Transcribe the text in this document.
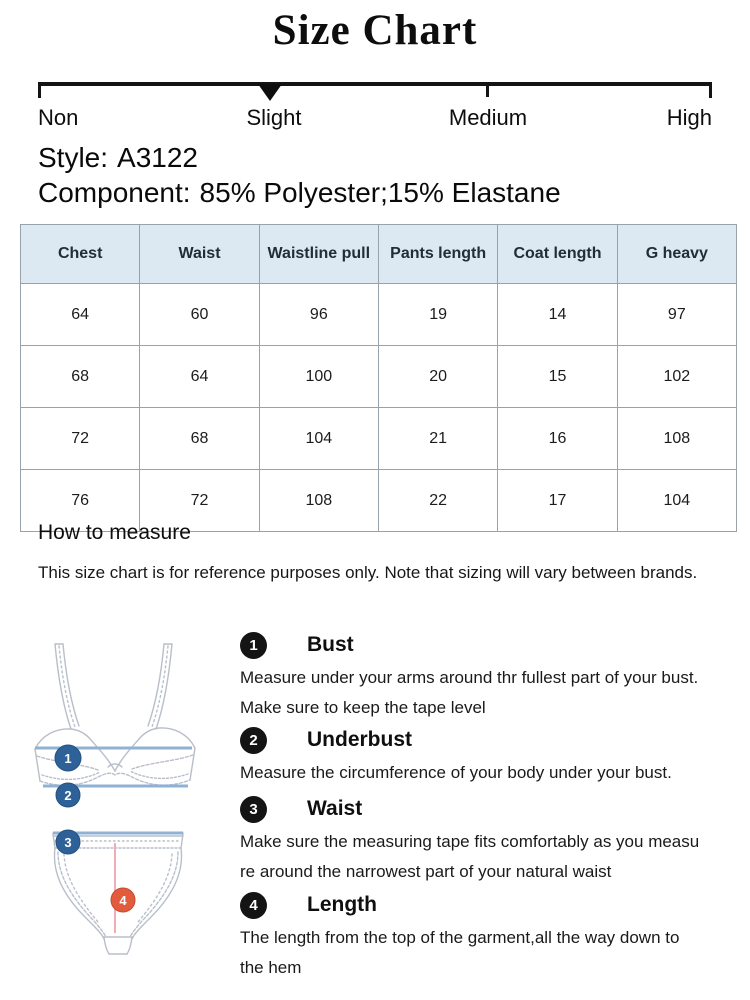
Size Chart
Non	Slight	Medium	High
Style: A3122
Component: 85% Polyester;15% Elastane
Chest	Waist	Waistline pull	Pants length	Coat length	G heavy
64	60	96	19	14	97
68	64	100	20	15	102
72	68	104	21	16	108
76	72	108	22	17	104
How to measure
This size chart is for reference purposes only. Note that sizing will vary between brands.
1
2
3
4
1	Bust
Measure under your arms around thr fullest part of your bust.
Make sure to keep the tape level
2	Underbust
Measure the circumference of your body under your bust.
3	Waist
Make sure the measuring tape fits comfortably as you measu
re around the narrowest part of your natural waist
4	Length
The length from the top of the garment,all the way down to
the hem
